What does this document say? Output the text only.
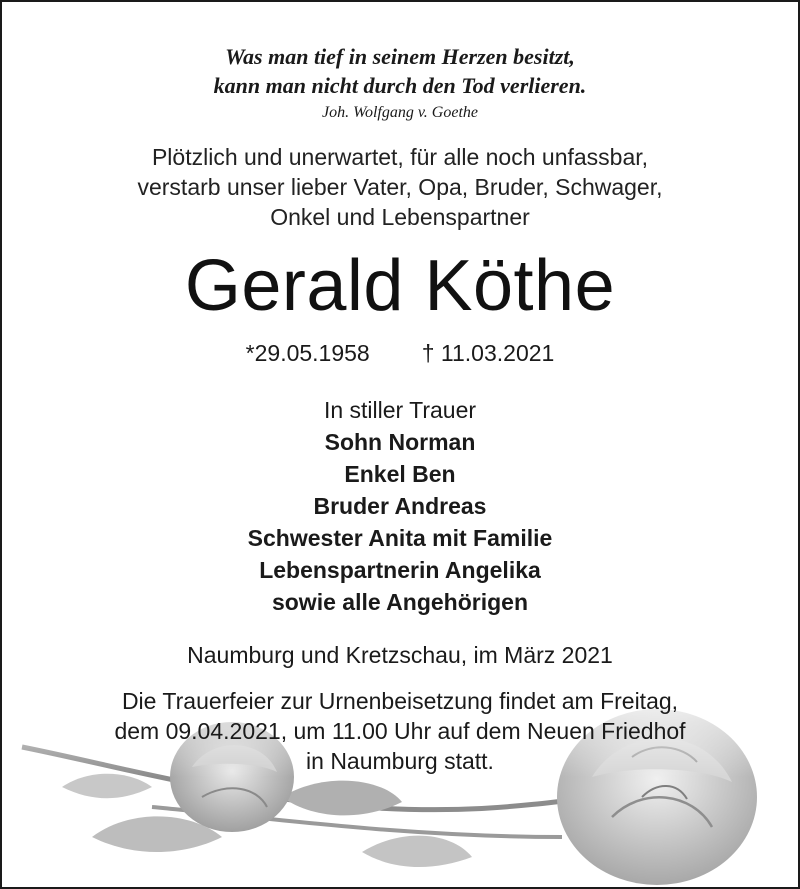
Was man tief in seinem Herzen besitzt,
kann man nicht durch den Tod verlieren.
Joh. Wolfgang v. Goethe
Plötzlich und unerwartet, für alle noch unfassbar,
verstarb unser lieber Vater, Opa, Bruder, Schwager,
Onkel und Lebenspartner
Gerald Köthe
*29.05.1958 † 11.03.2021
In stiller Trauer
Sohn Norman
Enkel Ben
Bruder Andreas
Schwester Anita mit Familie
Lebenspartnerin Angelika
sowie alle Angehörigen
Naumburg und Kretzschau, im März 2021
Die Trauerfeier zur Urnenbeisetzung findet am Freitag,
dem 09.04.2021, um 11.00 Uhr auf dem Neuen Friedhof
in Naumburg statt.
